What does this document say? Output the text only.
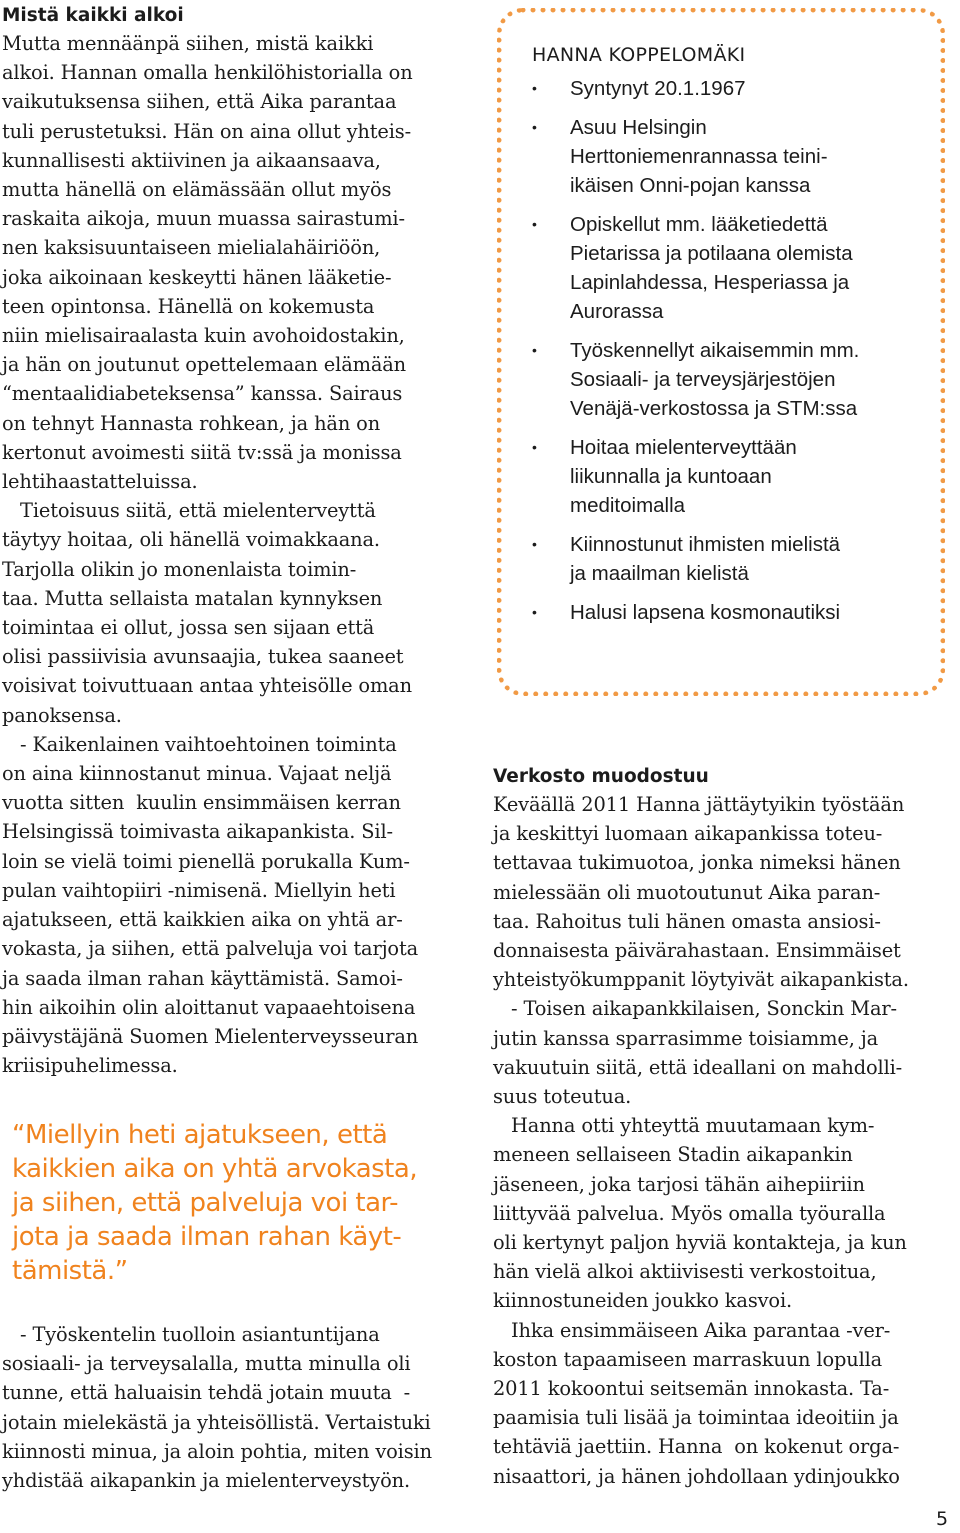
Mistä kaikki alkoi
Mutta mennäänpä siihen, mistä kaikki
alkoi. Hannan omalla henkilöhistorialla on
vaikutuksensa siihen, että Aika parantaa
tuli perustetuksi. Hän on aina ollut yhteis-
kunnallisesti aktiivinen ja aikaansaava,
mutta hänellä on elämässään ollut myös
raskaita aikoja, muun muassa sairastumi-
nen kaksisuuntaiseen mielialahäiriöön,
joka aikoinaan keskeytti hänen lääketie-
teen opintonsa. Hänellä on kokemusta
niin mielisairaalasta kuin avohoidostakin,
ja hän on joutunut opettelemaan elämään
“mentaalidiabeteksensa” kanssa. Sairaus
on tehnyt Hannasta rohkean, ja hän on
kertonut avoimesti siitä tv:ssä ja monissa
lehtihaastatteluissa.
Tietoisuus siitä, että mielenterveyttä
täytyy hoitaa, oli hänellä voimakkaana.
Tarjolla olikin jo monenlaista toimin-
taa. Mutta sellaista matalan kynnyksen
toimintaa ei ollut, jossa sen sijaan että
olisi passiivisia avunsaajia, tukea saaneet
voisivat toivuttuaan antaa yhteisölle oman
panoksensa.
- Kaikenlainen vaihtoehtoinen toiminta
on aina kiinnostanut minua. Vajaat neljä
vuotta sitten  kuulin ensimmäisen kerran
Helsingissä toimivasta aikapankista. Sil-
loin se vielä toimi pienellä porukalla Kum-
pulan vaihtopiiri -nimisenä. Miellyin heti
ajatukseen, että kaikkien aika on yhtä ar-
vokasta, ja siihen, että palveluja voi tarjota
ja saada ilman rahan käyttämistä. Samoi-
hin aikoihin olin aloittanut vapaaehtoisena
päivystäjänä Suomen Mielenterveysseuran
kriisipuhelimessa.
“Miellyin heti ajatukseen, että
kaikkien aika on yhtä arvokasta,
ja siihen, että palveluja voi tar-
jota ja saada ilman rahan käyt-
tämistä.”
- Työskentelin tuolloin asiantuntijana
sosiaali- ja terveysalalla, mutta minulla oli
tunne, että haluaisin tehdä jotain muuta  -
jotain mielekästä ja yhteisöllistä. Vertaistuki
kiinnosti minua, ja aloin pohtia, miten voisin
yhdistää aikapankin ja mielenterveystyön.
HANNA KOPPELOMÄKI
• Syntynyt 20.1.1967
• Asuu Helsingin
Herttoniemenrannassa teini-
ikäisen Onni-pojan kanssa
• Opiskellut mm. lääketiedettä
Pietarissa ja potilaana olemista
Lapinlahdessa, Hesperiassa ja
Aurorassa
• Työskennellyt aikaisemmin mm.
Sosiaali- ja terveysjärjestöjen
Venäjä-verkostossa ja STM:ssa
• Hoitaa mielenterveyttään
liikunnalla ja kuntoaan
meditoimalla
• Kiinnostunut ihmisten mielistä
ja maailman kielistä
• Halusi lapsena kosmonautiksi
Verkosto muodostuu
Keväällä 2011 Hanna jättäytyikin työstään
ja keskittyi luomaan aikapankissa toteu-
tettavaa tukimuotoa, jonka nimeksi hänen
mielessään oli muotoutunut Aika paran-
taa. Rahoitus tuli hänen omasta ansiosi-
donnaisesta päivärahastaan. Ensimmäiset
yhteistyökumppanit löytyivät aikapankista.
- Toisen aikapankkilaisen, Sonckin Mar-
jutin kanssa sparrasimme toisiamme, ja
vakuutuin siitä, että ideallani on mahdolli-
suus toteutua.
Hanna otti yhteyttä muutamaan kym-
meneen sellaiseen Stadin aikapankin
jäseneen, joka tarjosi tähän aihepiiriin
liittyvää palvelua. Myös omalla työuralla
oli kertynyt paljon hyviä kontakteja, ja kun
hän vielä alkoi aktiivisesti verkostoitua,
kiinnostuneiden joukko kasvoi.
Ihka ensimmäiseen Aika parantaa -ver-
koston tapaamiseen marraskuun lopulla
2011 kokoontui seitsemän innokasta. Ta-
paamisia tuli lisää ja toimintaa ideoitiin ja
tehtäviä jaettiin. Hanna  on kokenut orga-
nisaattori, ja hänen johdollaan ydinjoukko
5
